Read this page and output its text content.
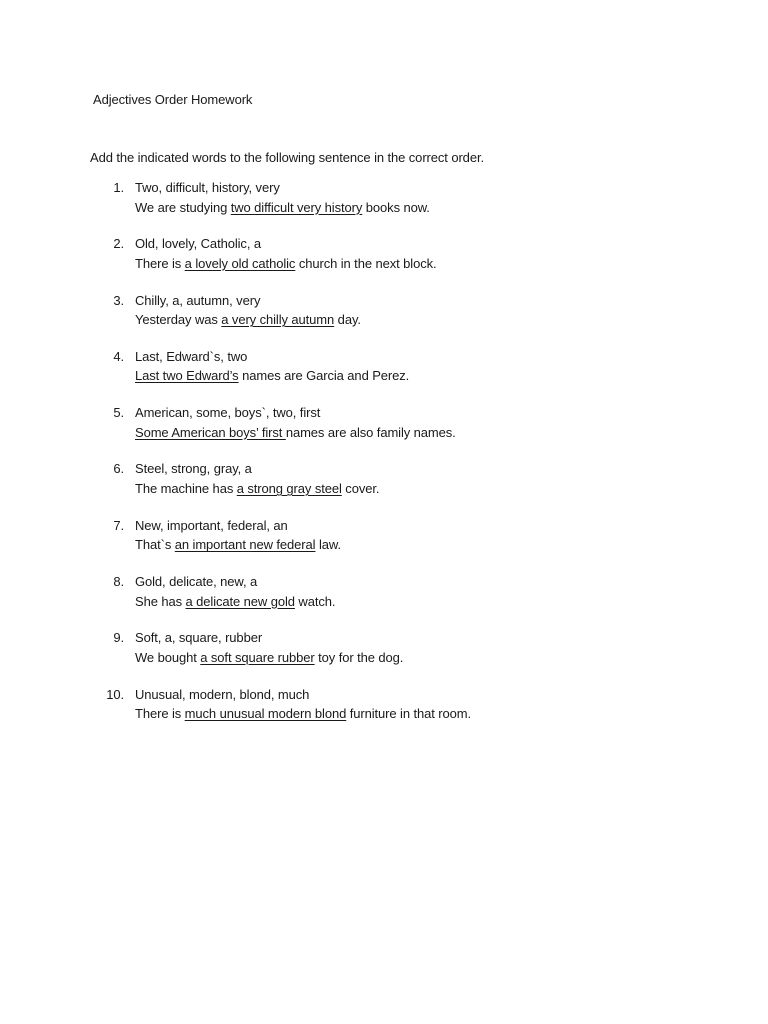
Adjectives Order Homework
Add the indicated words to the following sentence in the correct order.
1. Two, difficult, history, very
We are studying two difficult very history books now.
2. Old, lovely, Catholic, a
There is a lovely old catholic church in the next block.
3. Chilly, a, autumn, very
Yesterday was a very chilly autumn day.
4. Last, Edward`s, two
Last two Edward’s names are Garcia and Perez.
5. American, some, boys`, two, first
Some American boys’ first names are also family names.
6. Steel, strong, gray, a
The machine has a strong gray steel cover.
7. New, important, federal, an
That`s an important new federal law.
8. Gold, delicate, new, a
She has a delicate new gold watch.
9. Soft, a, square, rubber
We bought a soft square rubber toy for the dog.
10. Unusual, modern, blond, much
There is much unusual modern blond furniture in that room.
